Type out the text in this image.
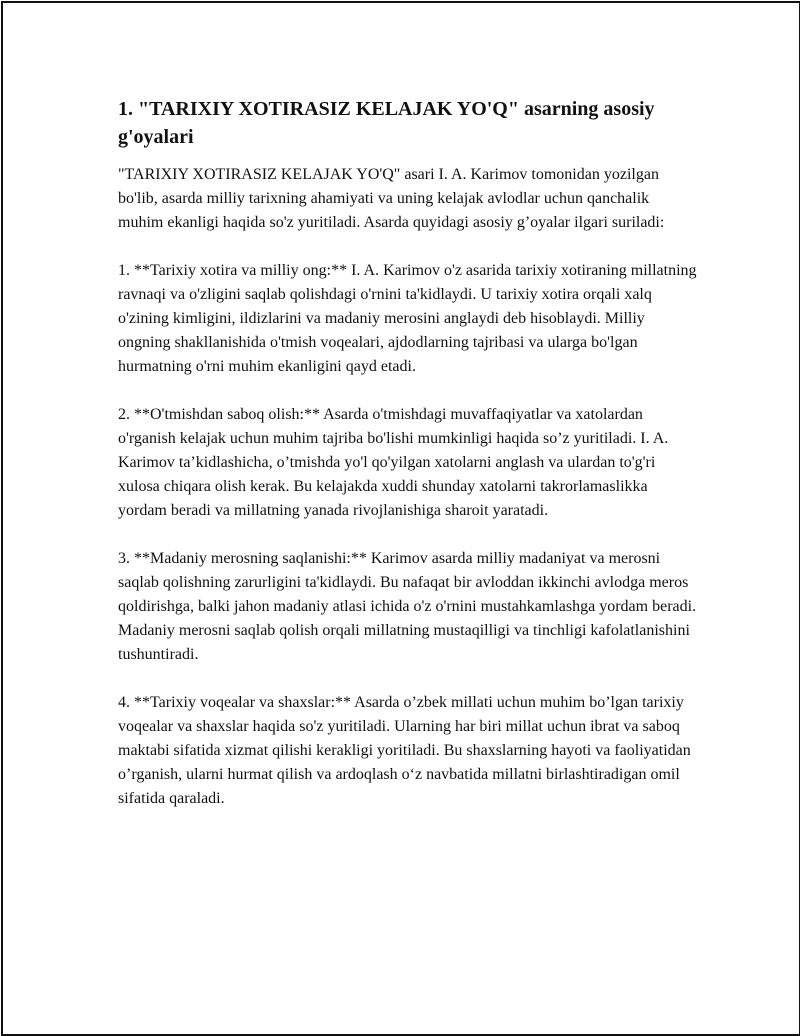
1. "TARIXIY XOTIRASIZ KELAJAK YO'Q" asarning asosiy g'oyalari

"TARIXIY XOTIRASIZ KELAJAK YO'Q" asari I. A. Karimov tomonidan yozilgan bo'lib, asarda milliy tarixning ahamiyati va uning kelajak avlodlar uchun qanchalik muhim ekanligi haqida so'z yuritiladi. Asarda quyidagi asosiy g’oyalar ilgari suriladi:

1. **Tarixiy xotira va milliy ong:** I. A. Karimov o'z asarida tarixiy xotiraning millatning ravnaqi va o'zligini saqlab qolishdagi o'rnini ta'kidlaydi. U tarixiy xotira orqali xalq o'zining kimligini, ildizlarini va madaniy merosini anglaydi deb hisoblaydi. Milliy ongning shakllanishida o'tmish voqealari, ajdodlarning tajribasi va ularga bo'lgan hurmatning o'rni muhim ekanligini qayd etadi.

2. **O'tmishdan saboq olish:** Asarda o'tmishdagi muvaffaqiyatlar va xatolardan o'rganish kelajak uchun muhim tajriba bo'lishi mumkinligi haqida so’z yuritiladi. I. A. Karimov ta’kidlashicha, o’tmishda yo'l qo'yilgan xatolarni anglash va ulardan to'g'ri xulosa chiqara olish kerak. Bu kelajakda xuddi shunday xatolarni takrorlamaslikka yordam beradi va millatning yanada rivojlanishiga sharoit yaratadi.

3. **Madaniy merosning saqlanishi:** Karimov asarda milliy madaniyat va merosni saqlab qolishning zarurligini ta'kidlaydi. Bu nafaqat bir avloddan ikkinchi avlodga meros qoldirishga, balki jahon madaniy atlasi ichida o'z o'rnini mustahkamlashga yordam beradi. Madaniy merosni saqlab qolish orqali millatning mustaqilligi va tinchligi kafolatlanishini tushuntiradi.

4. **Tarixiy voqealar va shaxslar:** Asarda o’zbek millati uchun muhim bo’lgan tarixiy voqealar va shaxslar haqida so'z yuritiladi. Ularning har biri millat uchun ibrat va saboq maktabi sifatida xizmat qilishi kerakligi yoritiladi. Bu shaxslarning hayoti va faoliyatidan o’rganish, ularni hurmat qilish va ardoqlash o‘z navbatida millatni birlashtiradigan omil sifatida qaraladi.
